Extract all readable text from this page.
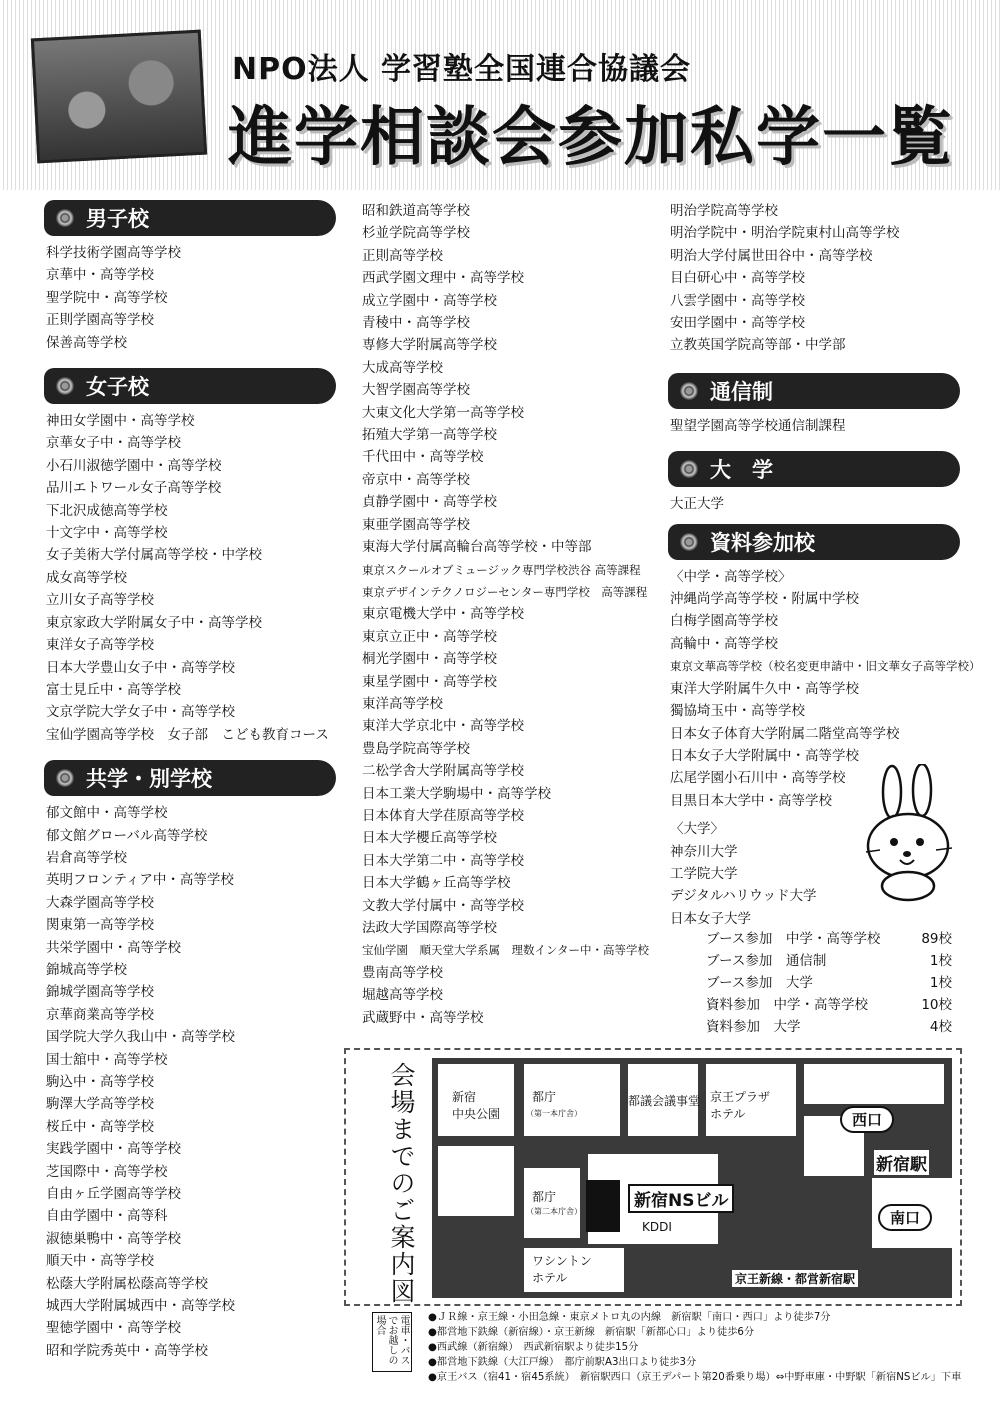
NPO法人 学習塾全国連合協議会
進学相談会参加私学一覧
男子校
科学技術学園高等学校
京華中・高等学校
聖学院中・高等学校
正則学園高等学校
保善高等学校
女子校
神田女学園中・高等学校
京華女子中・高等学校
小石川淑徳学園中・高等学校
品川エトワール女子高等学校
下北沢成徳高等学校
十文字中・高等学校
女子美術大学付属高等学校・中学校
成女高等学校
立川女子高等学校
東京家政大学附属女子中・高等学校
東洋女子高等学校
日本大学豊山女子中・高等学校
富士見丘中・高等学校
文京学院大学女子中・高等学校
宝仙学園高等学校　女子部　こども教育コース
共学・別学校
郁文館中・高等学校
郁文館グローバル高等学校
岩倉高等学校
英明フロンティア中・高等学校
大森学園高等学校
関東第一高等学校
共栄学園中・高等学校
錦城高等学校
錦城学園高等学校
京華商業高等学校
国学院大学久我山中・高等学校
国士舘中・高等学校
駒込中・高等学校
駒澤大学高等学校
桜丘中・高等学校
実践学園中・高等学校
芝国際中・高等学校
自由ヶ丘学園高等学校
自由学園中・高等科
淑徳巣鴨中・高等学校
順天中・高等学校
松蔭大学附属松蔭高等学校
城西大学附属城西中・高等学校
聖徳学園中・高等学校
昭和学院秀英中・高等学校
昭和鉄道高等学校
杉並学院高等学校
正則高等学校
西武学園文理中・高等学校
成立学園中・高等学校
青稜中・高等学校
専修大学附属高等学校
大成高等学校
大智学園高等学校
大東文化大学第一高等学校
拓殖大学第一高等学校
千代田中・高等学校
帝京中・高等学校
貞静学園中・高等学校
東亜学園高等学校
東海大学付属高輪台高等学校・中等部
東京スクールオブミュージック専門学校渋谷 高等課程
東京デザインテクノロジーセンター専門学校　高等課程
東京電機大学中・高等学校
東京立正中・高等学校
桐光学園中・高等学校
東星学園中・高等学校
東洋高等学校
東洋大学京北中・高等学校
豊島学院高等学校
二松学舎大学附属高等学校
日本工業大学駒場中・高等学校
日本体育大学荏原高等学校
日本大学櫻丘高等学校
日本大学第二中・高等学校
日本大学鶴ヶ丘高等学校
文教大学付属中・高等学校
法政大学国際高等学校
宝仙学園　順天堂大学系属　理数インター中・高等学校
豊南高等学校
堀越高等学校
武蔵野中・高等学校
明治学院高等学校
明治学院中・明治学院東村山高等学校
明治大学付属世田谷中・高等学校
目白研心中・高等学校
八雲学園中・高等学校
安田学園中・高等学校
立教英国学院高等部・中学部
通信制
聖望学園高等学校通信制課程
大　学
大正大学
資料参加校
〈中学・高等学校〉
沖縄尚学高等学校・附属中学校
白梅学園高等学校
高輪中・高等学校
東京文華高等学校（校名変更申請中・旧文華女子高等学校）
東洋大学附属牛久中・高等学校
獨協埼玉中・高等学校
日本女子体育大学附属二階堂高等学校
日本女子大学附属中・高等学校
広尾学園小石川中・高等学校
目黒日本大学中・高等学校
〈大学〉
神奈川大学
工学院大学
デジタルハリウッド大学
日本女子大学
ブース参加　中学・高等学校	89校
ブース参加　通信制	1校
ブース参加　大学	1校
資料参加　中学・高等学校	10校
資料参加　大学	4校
会場までのご案内図	新宿
中央公園
都庁
（第一本庁舎）
都議会議事堂 京王プラザ
ホテル
都庁
（第二本庁舎）
新宿NSビル
KDDI
ワシントン
ホテル
西口
新宿駅
南口
京王新線・都営新宿駅
電車・バスでお越しの場合	●ＪＲ線・京王線・小田急線・東京メトロ丸の内線　新宿駅「南口・西口」より徒歩7分
●都営地下鉄線（新宿線）・京王新線　新宿駅「新都心口」より徒歩6分
●西武線（新宿線）　西武新宿駅より徒歩15分
●都営地下鉄線（大江戸線）　都庁前駅A3出口より徒歩3分
●京王バス（宿41・宿45系統）　新宿駅西口（京王デパート第20番乗り場）⇔中野車庫・中野駅「新宿NSビル」下車
